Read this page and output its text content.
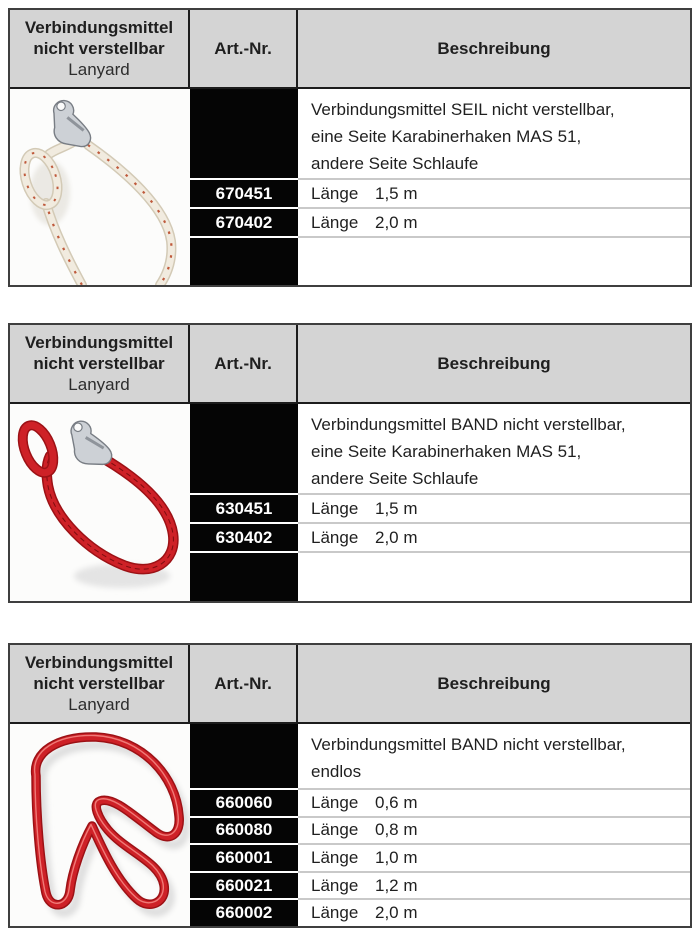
Verbindungsmittel
nicht verstellbar
Lanyard
Art.-Nr.	Beschreibung
Verbindungsmittel SEIL nicht verstellbar,
eine Seite Karabinerhaken MAS 51,
andere Seite Schlaufe
670451	Länge 1,5 m
670402	Länge 2,0 m
Verbindungsmittel
nicht verstellbar
Lanyard
Art.-Nr.	Beschreibung
Verbindungsmittel BAND nicht verstellbar,
eine Seite Karabinerhaken MAS 51,
andere Seite Schlaufe
630451	Länge 1,5 m
630402	Länge 2,0 m
Verbindungsmittel
nicht verstellbar
Lanyard
Art.-Nr.	Beschreibung
Verbindungsmittel BAND nicht verstellbar,
endlos
660060	Länge 0,6 m
660080	Länge 0,8 m
660001	Länge 1,0 m
660021	Länge 1,2 m
660002	Länge 2,0 m
